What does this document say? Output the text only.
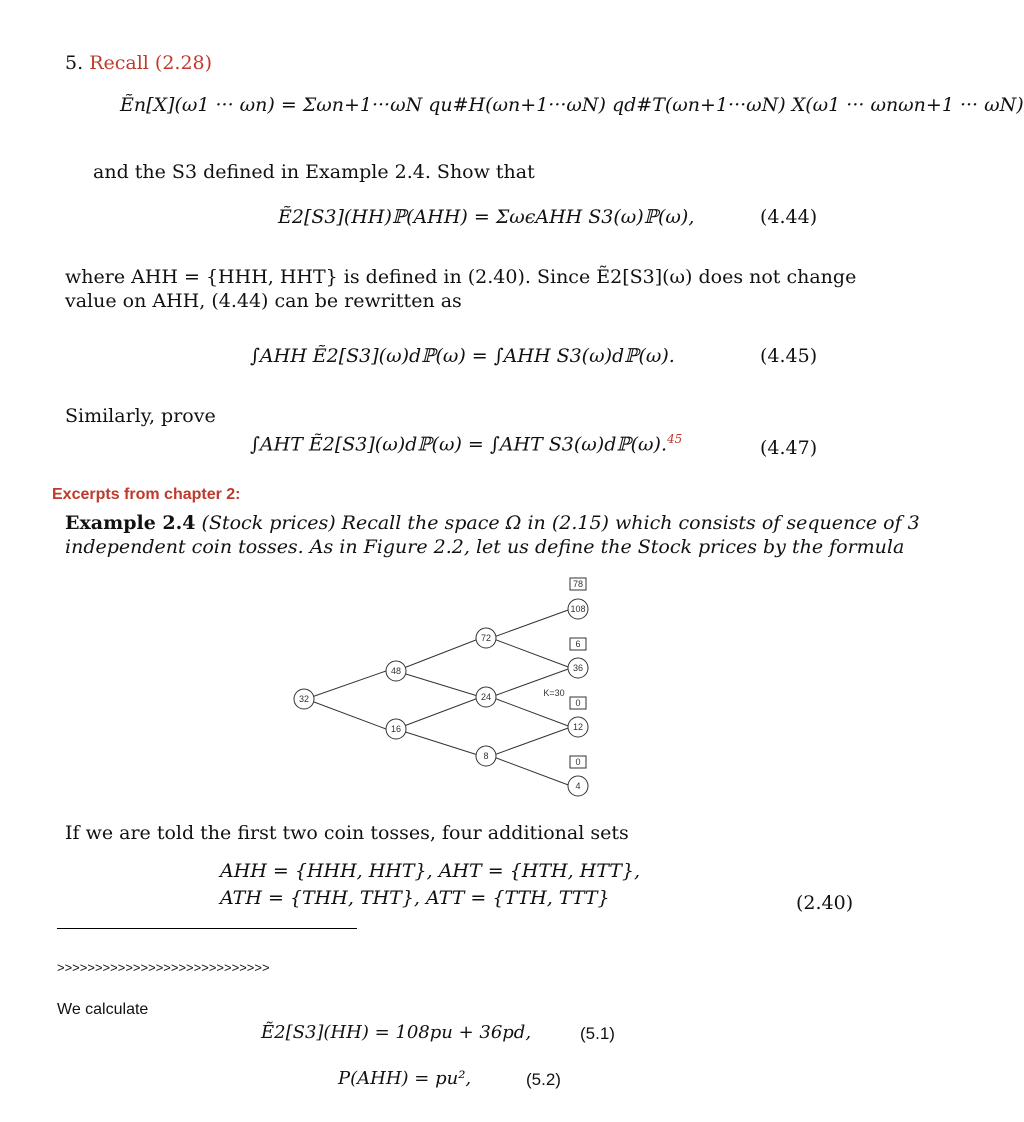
5. Recall (2.28)
Ẽn[X](ω1 ··· ωn) = Σωn+1···ωN qu#H(ωn+1···ωN) qd#T(ωn+1···ωN) X(ω1 ··· ωnωn+1 ··· ωN)
and the S3 defined in Example 2.4. Show that
Ẽ2[S3](HH)ℙ(AHH) = ΣωϵAHH S3(ω)ℙ(ω),	(4.44)
where AHH = {HHH, HHT} is defined in (2.40). Since Ẽ2[S3](ω) does not change
value on AHH, (4.44) can be rewritten as
∫AHH Ẽ2[S3](ω)dℙ(ω) = ∫AHH S3(ω)dℙ(ω).	(4.45)
Similarly, prove
∫AHT Ẽ2[S3](ω)dℙ(ω) = ∫AHT S3(ω)dℙ(ω).$^{45}$	(4.47)
Excerpts from chapter 2:
Example 2.4 (Stock prices) Recall the space Ω in (2.15) which consists of sequence of 3
independent coin tosses. As in Figure 2.2, let us define the Stock prices by the formula
32
48
16
72
24
8
108
36
12
4
78
6
0
0
K=30
If we are told the first two coin tosses, four additional sets
AHH = {HHH, HHT}, AHT = {HTH, HTT},
ATH = {THH, THT}, ATT = {TTH, TTT}	(2.40)
>>>>>>>>>>>>>>>>>>>>>>>>>>>>
We calculate
Ẽ2[S3](HH) = 108pu + 36pd,	(5.1)
P(AHH) = pu²,	(5.2)
